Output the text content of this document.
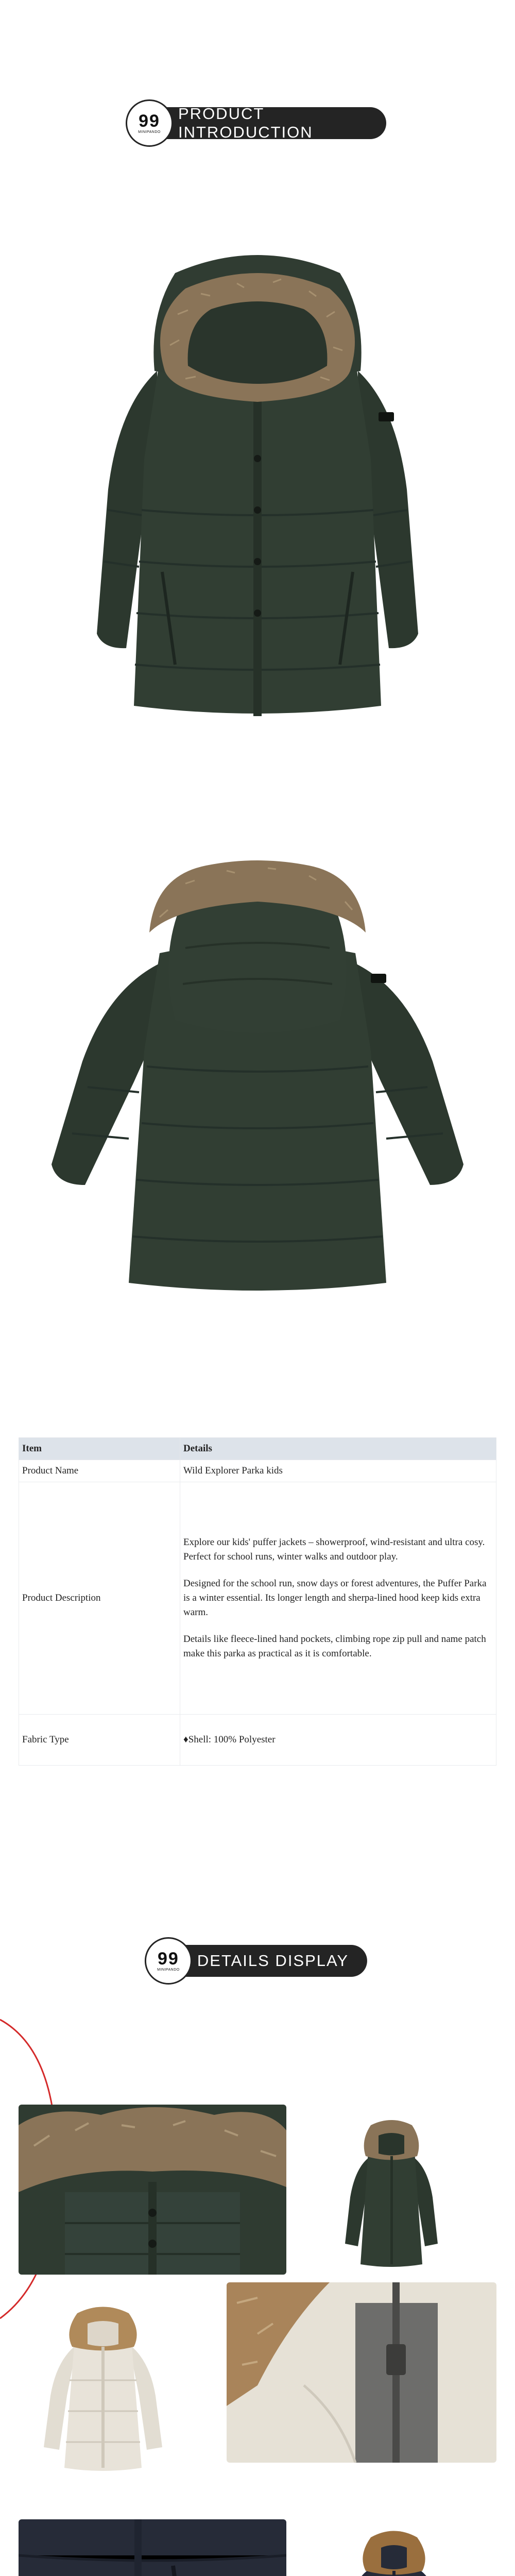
99
MINIPANDO
PRODUCT INTRODUCTION
Item	Details
Product Name	Wild Explorer Parka kids
Product Description	Explore our kids' puffer jackets – showerproof, wind-resistant and ultra cosy. Perfect for school runs, winter walks and outdoor play.

Designed for the school run, snow days or forest adventures, the Puffer Parka is a winter essential. Its longer length and sherpa-lined hood keep kids extra warm.

Details like fleece-lined hand pockets, climbing rope zip pull and name patch make this parka as practical as it is comfortable.

Fabric Type	♦Shell: 100% Polyester
99
MINIPANDO DETAILS DISPLAY
